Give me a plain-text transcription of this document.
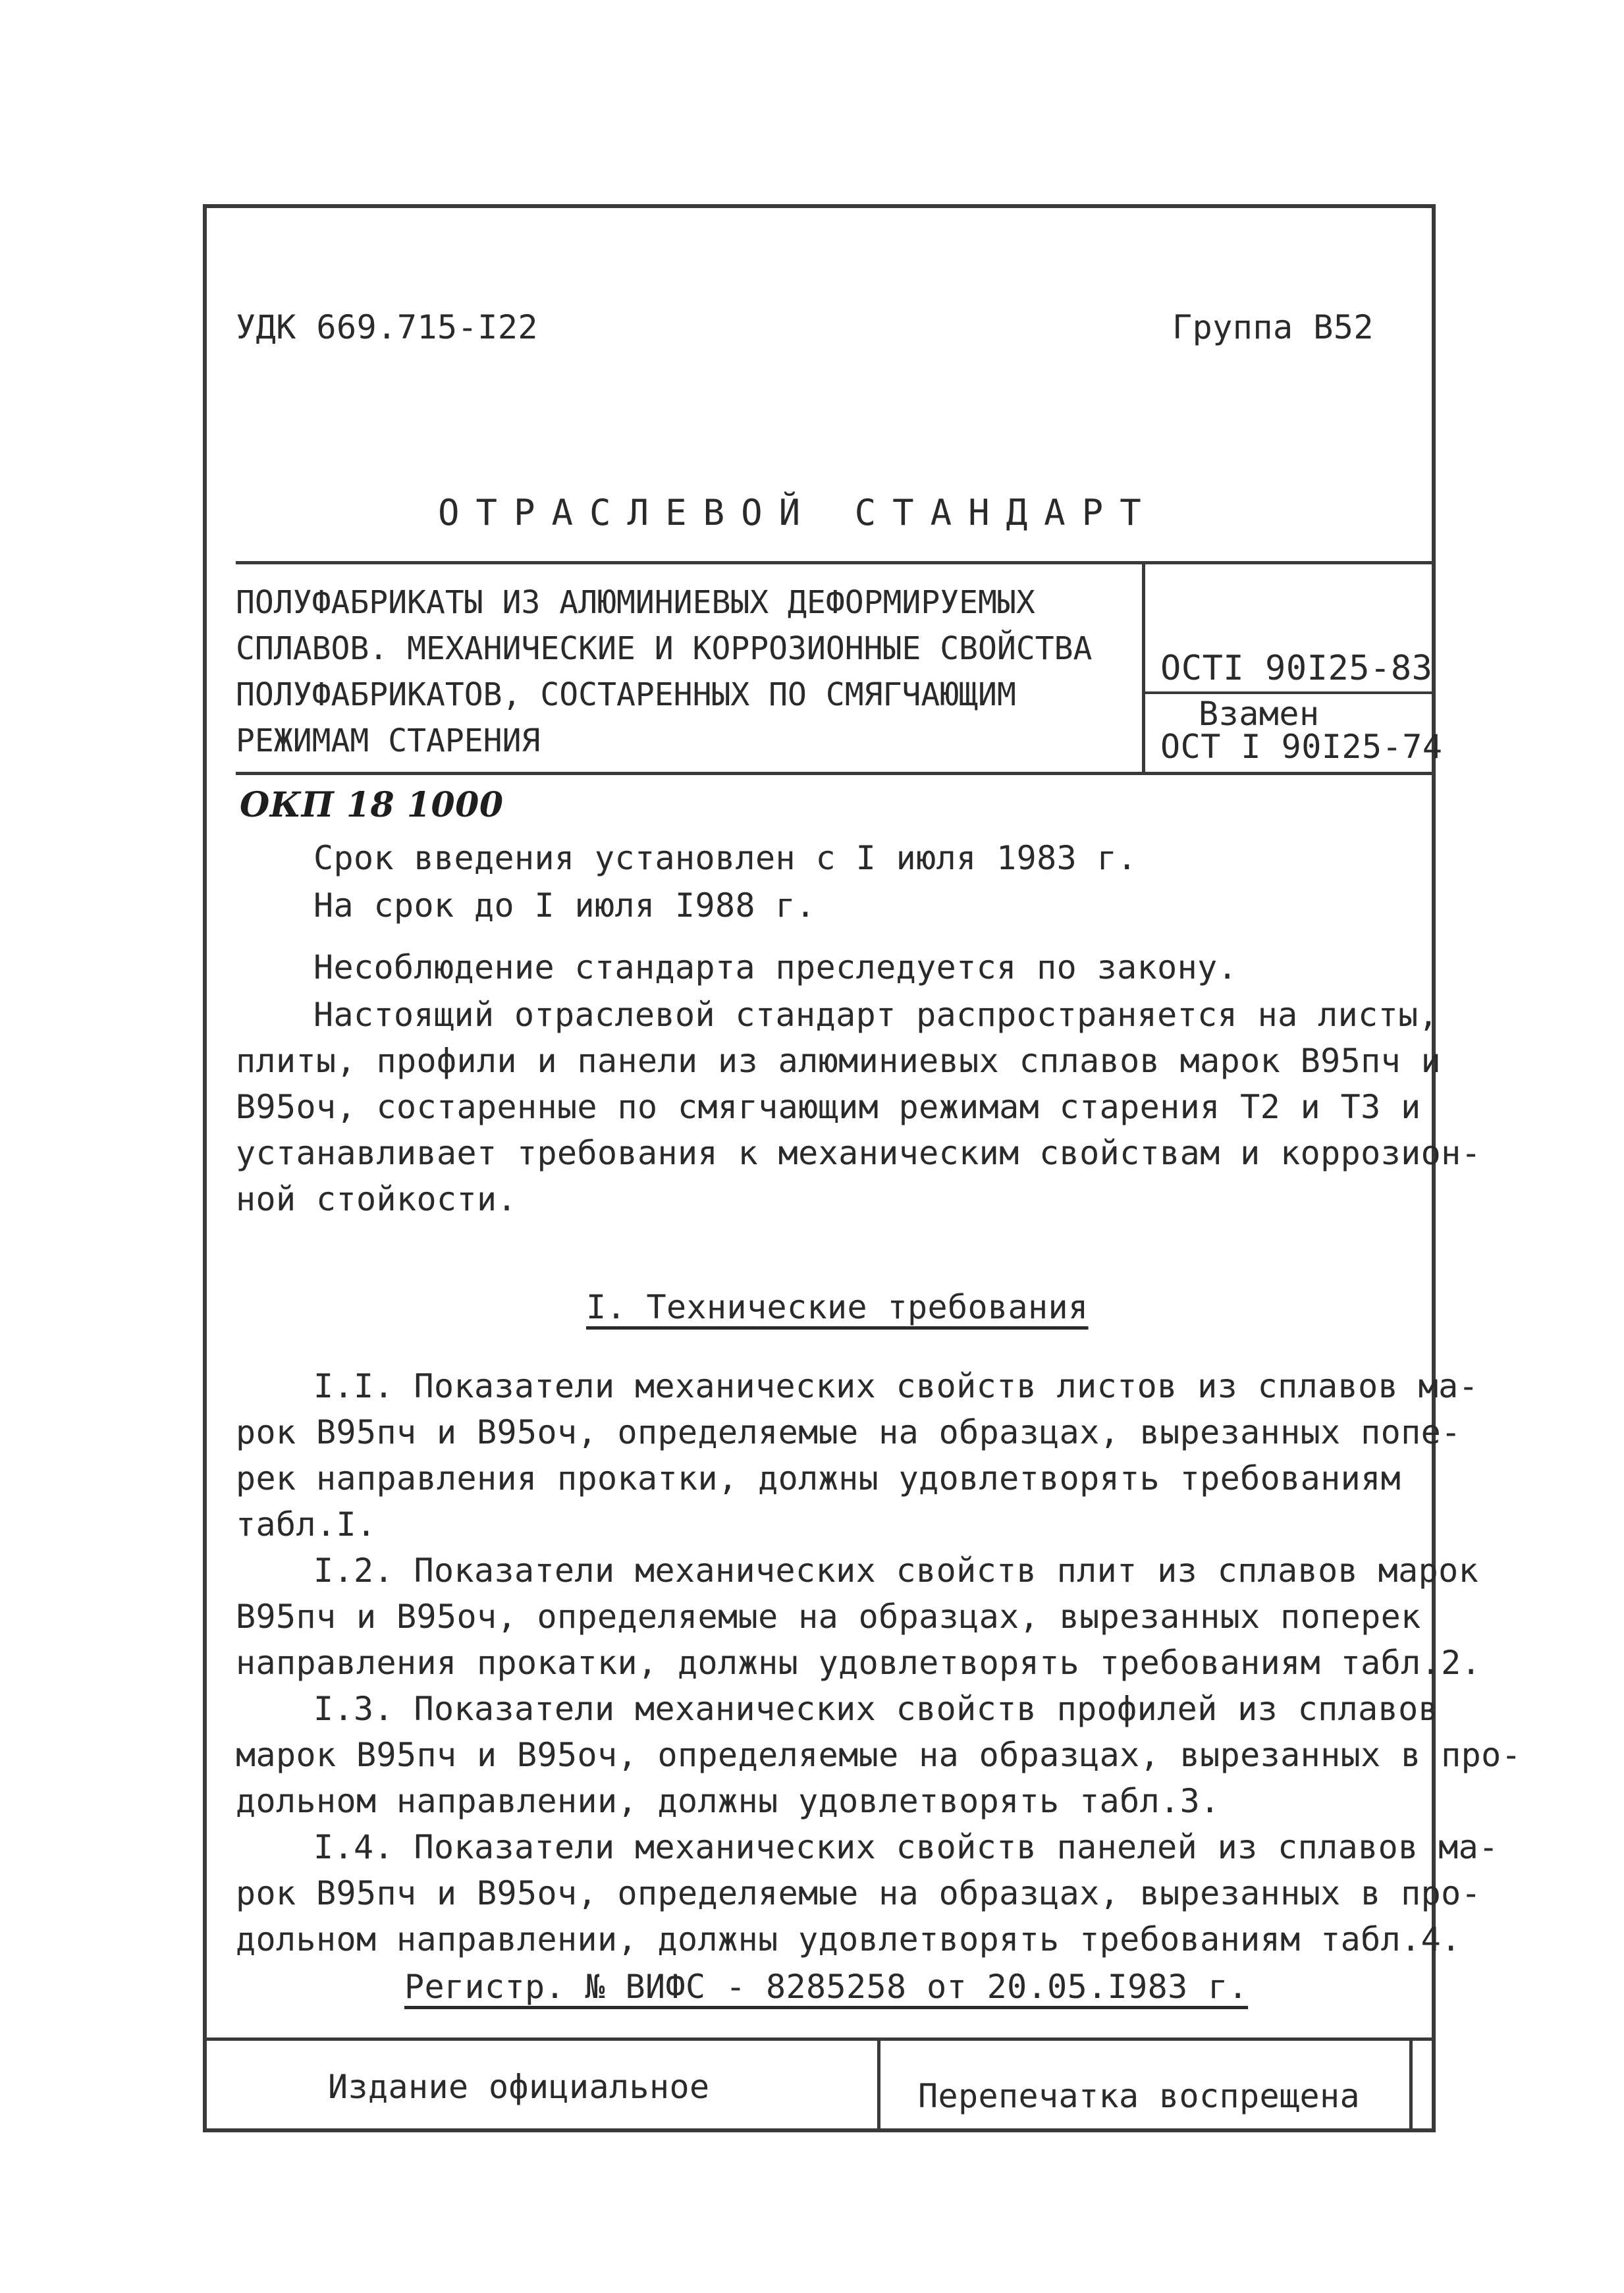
УДК 669.715-I22	Группа В52
ОТРАСЛЕВОЙ СТАНДАРТ
ПОЛУФАБРИКАТЫ ИЗ АЛЮМИНИЕВЫХ ДЕФОРМИРУЕМЫХ
СПЛАВОВ. МЕХАНИЧЕСКИЕ И КОРРОЗИОННЫЕ СВОЙСТВА
ПОЛУФАБРИКАТОВ, СОСТАРЕННЫХ ПО СМЯГЧАЮЩИМ
РЕЖИМАМ СТАРЕНИЯ
ОСТI 90I25-83
Взамен
ОСТ I 90I25-74
ОКП 18 1000
Срок введения установлен с I июля 1983 г.
На срок до I июля I988 г.
Несоблюдение стандарта преследуется по закону.
Настоящий отраслевой стандарт распространяется на листы,
плиты, профили и панели из алюминиевых сплавов марок В95пч и
В95оч, состаренные по смягчающим режимам старения Т2 и Т3 и
устанавливает требования к механическим свойствам и коррозион-
ной стойкости.
I. Технические требования
I.I. Показатели механических свойств листов из сплавов ма-
рок В95пч и В95оч, определяемые на образцах, вырезанных попе-
рек направления прокатки, должны удовлетворять требованиям
табл.I.
I.2. Показатели механических свойств плит из сплавов марок
В95пч и В95оч, определяемые на образцах, вырезанных поперек
направления прокатки, должны удовлетворять требованиям табл.2.
I.3. Показатели механических свойств профилей из сплавов
марок В95пч и В95оч, определяемые на образцах, вырезанных в про-
дольном направлении, должны удовлетворять табл.3.
I.4. Показатели механических свойств панелей из сплавов ма-
рок В95пч и В95оч, определяемые на образцах, вырезанных в про-
дольном направлении, должны удовлетворять требованиям табл.4.
Регистр. № ВИФС - 8285258 от 20.05.I983 г.
Издание официальное	Перепечатка воспрещена
